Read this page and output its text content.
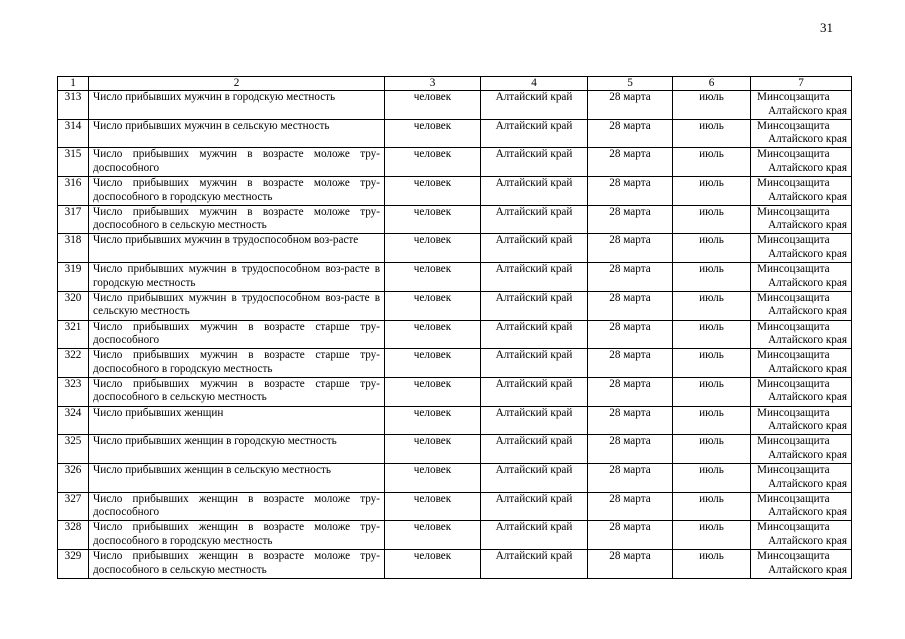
31
1	2	3	4	5	6	7
313	Число прибывших мужчин в городскую местность	человек	Алтайский край	28 марта	июль	Минсоцзащита
Алтайского края

314	Число прибывших мужчин в сельскую местность	человек	Алтайский край	28 марта	июль	Минсоцзащита
Алтайского края

315	Число прибывших мужчин в возрасте моложе тру-доспособного	человек	Алтайский край	28 марта	июль	Минсоцзащита
Алтайского края

316	Число прибывших мужчин в возрасте моложе тру-доспособного в городскую местность	человек	Алтайский край	28 марта	июль	Минсоцзащита
Алтайского края

317	Число прибывших мужчин в возрасте моложе тру-доспособного в сельскую местность	человек	Алтайский край	28 марта	июль	Минсоцзащита
Алтайского края

318	Число прибывших мужчин в трудоспособном воз-расте	человек	Алтайский край	28 марта	июль	Минсоцзащита
Алтайского края

319	Число прибывших мужчин в трудоспособном воз-расте в городскую местность	человек	Алтайский край	28 марта	июль	Минсоцзащита
Алтайского края

320	Число прибывших мужчин в трудоспособном воз-расте в сельскую местность	человек	Алтайский край	28 марта	июль	Минсоцзащита
Алтайского края

321	Число прибывших мужчин в возрасте старше тру-доспособного	человек	Алтайский край	28 марта	июль	Минсоцзащита
Алтайского края

322	Число прибывших мужчин в возрасте старше тру-доспособного в городскую местность	человек	Алтайский край	28 марта	июль	Минсоцзащита
Алтайского края

323	Число прибывших мужчин в возрасте старше тру-доспособного в сельскую местность	человек	Алтайский край	28 марта	июль	Минсоцзащита
Алтайского края

324	Число прибывших женщин	человек	Алтайский край	28 марта	июль	Минсоцзащита
Алтайского края

325	Число прибывших женщин в городскую местность	человек	Алтайский край	28 марта	июль	Минсоцзащита
Алтайского края

326	Число прибывших женщин в сельскую местность	человек	Алтайский край	28 марта	июль	Минсоцзащита
Алтайского края

327	Число прибывших женщин в возрасте моложе тру-доспособного	человек	Алтайский край	28 марта	июль	Минсоцзащита
Алтайского края

328	Число прибывших женщин в возрасте моложе тру-доспособного в городскую местность	человек	Алтайский край	28 марта	июль	Минсоцзащита
Алтайского края

329	Число прибывших женщин в возрасте моложе тру-доспособного в сельскую местность	человек	Алтайский край	28 марта	июль	Минсоцзащита
Алтайского края
